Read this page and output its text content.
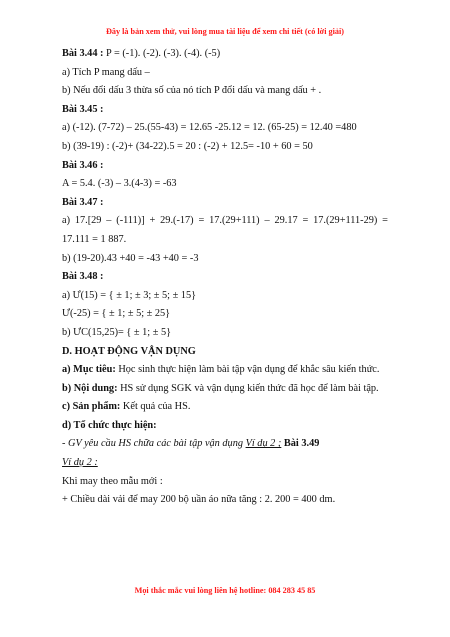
Đây là bản xem thử, vui lòng mua tài liệu để xem chi tiết (có lời giải)
Bài 3.44 : P = (-1). (-2). (-3). (-4). (-5)
a) Tích P mang dấu –
b) Nếu đổi dấu 3 thừa số của nó tích P đổi dấu và mang dấu + .
Bài 3.45 :
a) (-12). (7-72) – 25.(55-43) = 12.65 -25.12 = 12. (65-25) = 12.40 =480
b) (39-19) : (-2)+ (34-22).5 = 20 : (-2) + 12.5= -10 + 60 = 50
Bài 3.46 :
A = 5.4. (-3) – 3.(4-3) = -63
Bài 3.47 :
a) 17.[29 – (-111)] + 29.(-17) = 17.(29+111) – 29.17 = 17.(29+111-29) = 17.111 = 1 887.
b) (19-20).43 +40 = -43 +40 = -3
Bài 3.48 :
a) Ư(15) = { ± 1; ± 3; ± 5; ± 15}
Ư(-25) = { ± 1; ± 5; ± 25}
b) ƯC(15,25)= { ± 1; ± 5}
D. HOẠT ĐỘNG VẬN DỤNG
a) Mục tiêu: Học sinh thực hiện làm bài tập vận dụng để khắc sâu kiến thức.
b) Nội dung: HS sử dụng SGK và vận dụng kiến thức đã học để làm bài tập.
c) Sản phẩm: Kết quả của HS.
d) Tổ chức thực hiện:
- GV yêu cầu HS chữa các bài tập vận dụng Ví dụ 2 ; Bài 3.49
Ví dụ 2 :
Khi may theo mẫu mới :
+ Chiều dài vải để may 200 bộ uần áo nữa tăng : 2. 200 = 400 dm.
Mọi thắc mắc vui lòng liên hệ hotline: 084 283 45 85
